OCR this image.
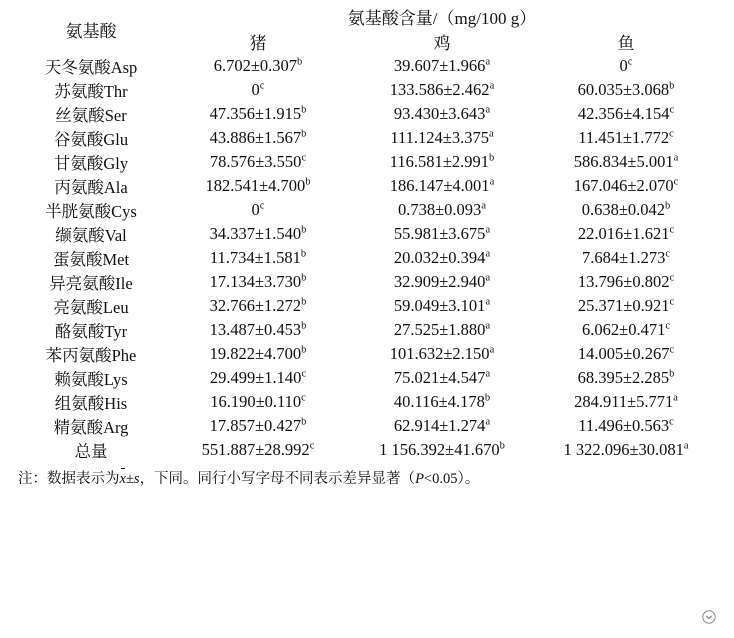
氨基酸	氨基酸含量/（mg/100 g）		
	猪	鸡	鱼
天冬氨酸Asp	6.702±0.307$^b$	39.607±1.966$^a$	0$^c$
苏氨酸Thr	0$^c$	133.586±2.462$^a$	60.035±3.068$^b$
丝氨酸Ser	47.356±1.915$^b$	93.430±3.643$^a$	42.356±4.154$^c$
谷氨酸Glu	43.886±1.567$^b$	111.124±3.375$^a$	11.451±1.772$^c$
甘氨酸Gly	78.576±3.550$^c$	116.581±2.991$^b$	586.834±5.001$^a$
丙氨酸Ala	182.541±4.700$^b$	186.147±4.001$^a$	167.046±2.070$^c$
半胱氨酸Cys	0$^c$	0.738±0.093$^a$	0.638±0.042$^b$
缬氨酸Val	34.337±1.540$^b$	55.981±3.675$^a$	22.016±1.621$^c$
蛋氨酸Met	11.734±1.581$^b$	20.032±0.394$^a$	7.684±1.273$^c$
异亮氨酸Ile	17.134±3.730$^b$	32.909±2.940$^a$	13.796±0.802$^c$
亮氨酸Leu	32.766±1.272$^b$	59.049±3.101$^a$	25.371±0.921$^c$
酪氨酸Tyr	13.487±0.453$^b$	27.525±1.880$^a$	6.062±0.471$^c$
苯丙氨酸Phe	19.822±4.700$^b$	101.632±2.150$^a$	14.005±0.267$^c$
赖氨酸Lys	29.499±1.140$^c$	75.021±4.547$^a$	68.395±2.285$^b$
组氨酸His	16.190±0.110$^c$	40.116±4.178$^b$	284.911±5.771$^a$
精氨酸Arg	17.857±0.427$^b$	62.914±1.274$^a$	11.496±0.563$^c$
总量	551.887±28.992$^c$	1 156.392±41.670$^b$	1 322.096±30.081$^a$
注：数据表示为x±s，下同。同行小写字母不同表示差异显著（P<0.05）。
